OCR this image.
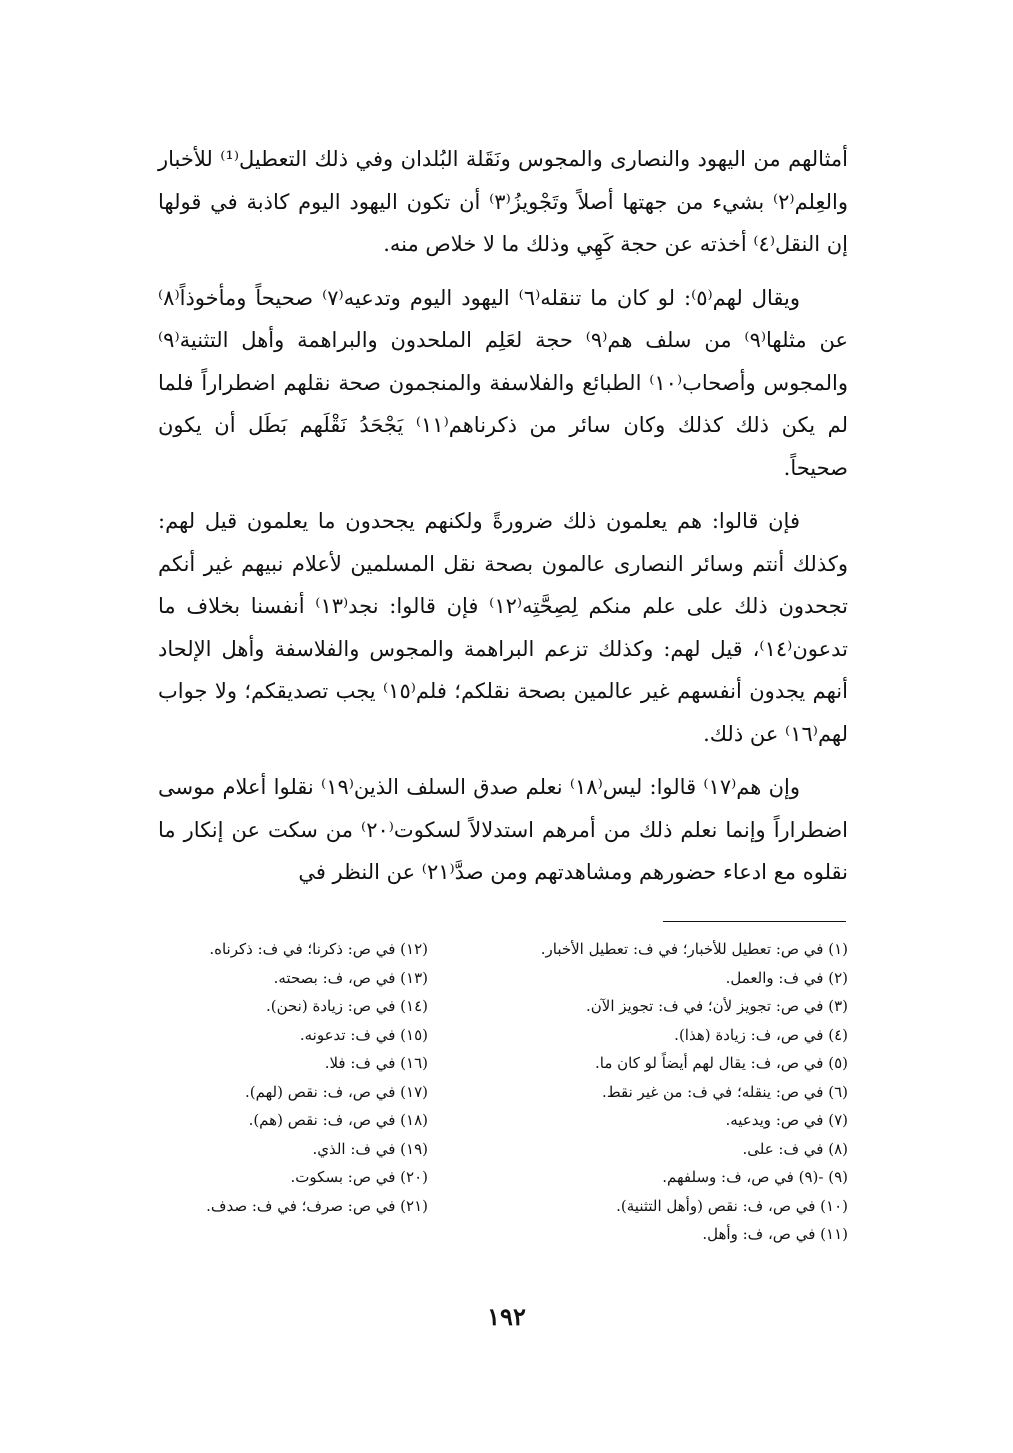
أمثالهم من اليهود والنصارى والمجوس ونَقَلة البُلدان وفي ذلك التعطيل⁽¹⁾ للأخبار والعِلم⁽٢⁾ بشيء من جهتها أصلاً وتَجْويزُ⁽٣⁾ أن تكون اليهود اليوم كاذبة في قولها إن النقل⁽٤⁾ أخذته عن حجة كَهِي وذلك ما لا خلاص منه.

ويقال لهم⁽٥⁾: لو كان ما تنقله⁽٦⁾ اليهود اليوم وتدعيه⁽٧⁾ صحيحاً ومأخوذاً⁽٨⁾ عن مثلها⁽٩⁾ من سلف هم⁽٩⁾ حجة لعَلِم الملحدون والبراهمة وأهل التثنية⁽٩⁾ والمجوس وأصحاب⁽١٠⁾ الطبائع والفلاسفة والمنجمون صحة نقلهم اضطراراً فلما لم يكن ذلك كذلك وكان سائر من ذكرناهم⁽١١⁾ يَجْحَدُ نَقْلَهم بَطَل أن يكون صحيحاً.

فإن قالوا: هم يعلمون ذلك ضرورةً ولكنهم يجحدون ما يعلمون قيل لهم: وكذلك أنتم وسائر النصارى عالمون بصحة نقل المسلمين لأعلام نبيهم غير أنكم تجحدون ذلك على علم منكم لِصِحَّتِه⁽١٢⁾ فإن قالوا: نجد⁽١٣⁾ أنفسنا بخلاف ما تدعون⁽١٤⁾، قيل لهم: وكذلك تزعم البراهمة والمجوس والفلاسفة وأهل الإلحاد أنهم يجدون أنفسهم غير عالمين بصحة نقلكم؛ فلم⁽١٥⁾ يجب تصديقكم؛ ولا جواب لهم⁽١٦⁾ عن ذلك.

وإن هم⁽١٧⁾ قالوا: ليس⁽١٨⁾ نعلم صدق السلف الذين⁽١٩⁾ نقلوا أعلام موسى اضطراراً وإنما نعلم ذلك من أمرهم استدلالاً لسكوت⁽٢٠⁾ من سكت عن إنكار ما نقلوه مع ادعاء حضورهم ومشاهدتهم ومن صدَّ⁽٢١⁾ عن النظر في

(١) في ص: تعطيل للأخبار؛ في ف: تعطيل الأخبار.
(٢) في ف: والعمل.
(٣) في ص: تجويز لأن؛ في ف: تجويز الآن.
(٤) في ص، ف: زيادة (هذا).
(٥) في ص، ف: يقال لهم أيضاً لو كان ما.
(٦) في ص: ينقله؛ في ف: من غير نقط.
(٧) في ص: ويدعيه.
(٨) في ف: على.
(٩) -(٩) في ص، ف: وسلفهم.
(١٠) في ص، ف: نقص (وأهل التثنية).
(١١) في ص، ف: وأهل.
(١٢) في ص: ذكرنا؛ في ف: ذكرناه.
(١٣) في ص، ف: بصحته.
(١٤) في ص: زيادة (نحن).
(١٥) في ف: تدعونه.
(١٦) في ف: فلا.
(١٧) في ص، ف: نقص (لهم).
(١٨) في ص، ف: نقص (هم).
(١٩) في ف: الذي.
(٢٠) في ص: بسكوت.
(٢١) في ص: صرف؛ في ف: صدف.
١٩٢
